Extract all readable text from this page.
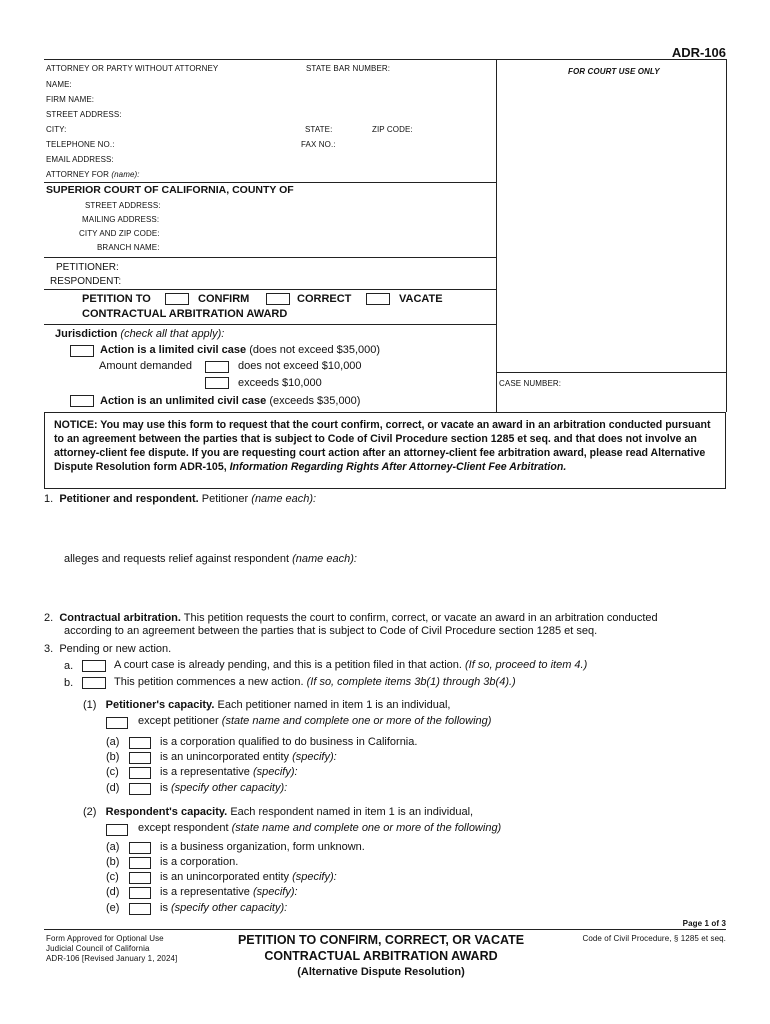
ADR-106
ATTORNEY OR PARTY WITHOUT ATTORNEY	STATE BAR NUMBER:	FOR COURT USE ONLY
NAME:
FIRM NAME:
STREET ADDRESS:
CITY:	STATE:	ZIP CODE:
TELEPHONE NO.:	FAX NO.:
EMAIL ADDRESS:
ATTORNEY FOR (name):
SUPERIOR COURT OF CALIFORNIA, COUNTY OF
STREET ADDRESS:
MAILING ADDRESS:
CITY AND ZIP CODE:
BRANCH NAME:
PETITIONER:
RESPONDENT:
PETITION TO	CONFIRM	CORRECT	VACATE
CONTRACTUAL ARBITRATION AWARD
Jurisdiction (check all that apply):
Action is a limited civil case (does not exceed $35,000)
Amount demanded	does not exceed $10,000
exceeds $10,000
Action is an unlimited civil case (exceeds $35,000)
CASE NUMBER:
NOTICE: You may use this form to request that the court confirm, correct, or vacate an award in an arbitration conducted pursuant to an agreement between the parties that is subject to Code of Civil Procedure section 1285 et seq. and that does not involve an attorney-client fee dispute. If you are requesting court action after an attorney-client fee arbitration award, please read Alternative Dispute Resolution form ADR-105, Information Regarding Rights After Attorney-Client Fee Arbitration.
1. Petitioner and respondent. Petitioner (name each):
alleges and requests relief against respondent (name each):
2. Contractual arbitration. This petition requests the court to confirm, correct, or vacate an award in an arbitration conducted
according to an agreement between the parties that is subject to Code of Civil Procedure section 1285 et seq.
3. Pending or new action.
a.	A court case is already pending, and this is a petition filed in that action. (If so, proceed to item 4.)
b.	This petition commences a new action. (If so, complete items 3b(1) through 3b(4).)
(1) Petitioner's capacity. Each petitioner named in item 1 is an individual,
except petitioner (state name and complete one or more of the following)
(a)	is a corporation qualified to do business in California.
(b)	is an unincorporated entity (specify):
(c)	is a representative (specify):
(d)	is (specify other capacity):
(2) Respondent's capacity. Each respondent named in item 1 is an individual,
except respondent (state name and complete one or more of the following)
(a)	is a business organization, form unknown.
(b)	is a corporation.
(c)	is an unincorporated entity (specify):
(d)	is a representative (specify):
(e)	is (specify other capacity):
Page 1 of 3
Form Approved for Optional Use
Judicial Council of California
ADR-106 [Revised January 1, 2024]
PETITION TO CONFIRM, CORRECT, OR VACATE
CONTRACTUAL ARBITRATION AWARD
(Alternative Dispute Resolution)
Code of Civil Procedure, § 1285 et seq.
